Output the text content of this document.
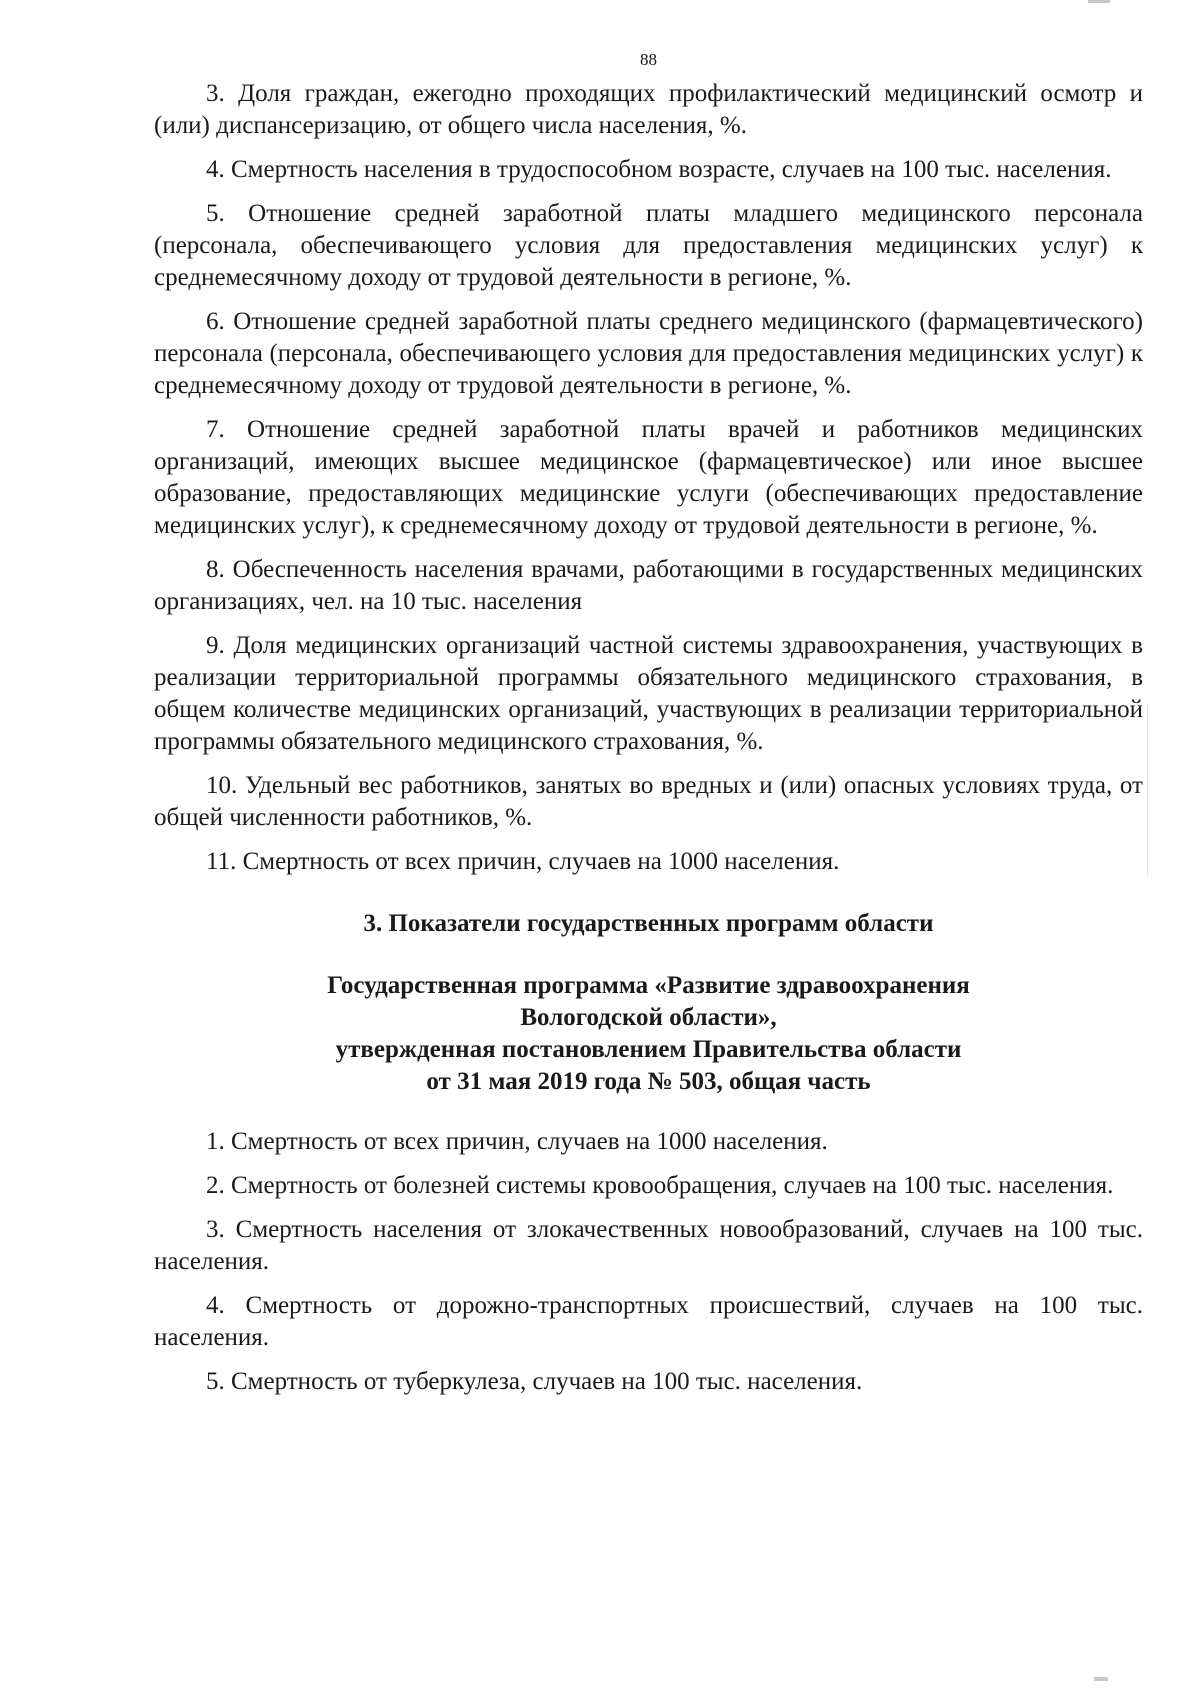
88

3. Доля граждан, ежегодно проходящих профилактический медицинский осмотр и (или) диспансеризацию, от общего числа населения, %.

4. Смертность населения в трудоспособном возрасте, случаев на 100 тыс. населения.

5. Отношение средней заработной платы младшего медицинского персонала (персонала, обеспечивающего условия для предоставления медицинских услуг) к среднемесячному доходу от трудовой деятельности в регионе, %.

6. Отношение средней заработной платы среднего медицинского (фармацевтического) персонала (персонала, обеспечивающего условия для предоставления медицинских услуг) к среднемесячному доходу от трудовой деятельности в регионе, %.

7. Отношение средней заработной платы врачей и работников медицинских организаций, имеющих высшее медицинское (фармацевтическое) или иное высшее образование, предоставляющих медицинские услуги (обеспечивающих предоставление медицинских услуг), к среднемесячному доходу от трудовой деятельности в регионе, %.

8. Обеспеченность населения врачами, работающими в государственных медицинских организациях, чел. на 10 тыс. населения

9. Доля медицинских организаций частной системы здравоохранения, участвующих в реализации территориальной программы обязательного медицинского страхования, в общем количестве медицинских организаций, участвующих в реализации территориальной программы обязательного медицинского страхования, %.

10. Удельный вес работников, занятых во вредных и (или) опасных условиях труда, от общей численности работников, %.

11. Смертность от всех причин, случаев на 1000 населения.

3. Показатели государственных программ области
Государственная программа «Развитие здравоохранения
Вологодской области»,
утвержденная постановлением Правительства области
от 31 мая 2019 года № 503, общая часть

1. Смертность от всех причин, случаев на 1000 населения.

2. Смертность от болезней системы кровообращения, случаев на 100 тыс. населения.

3. Смертность населения от злокачественных новообразований, случаев на 100 тыс. населения.

4. Смертность от дорожно-транспортных происшествий, случаев на 100 тыс. населения.

5. Смертность от туберкулеза, случаев на 100 тыс. населения.
